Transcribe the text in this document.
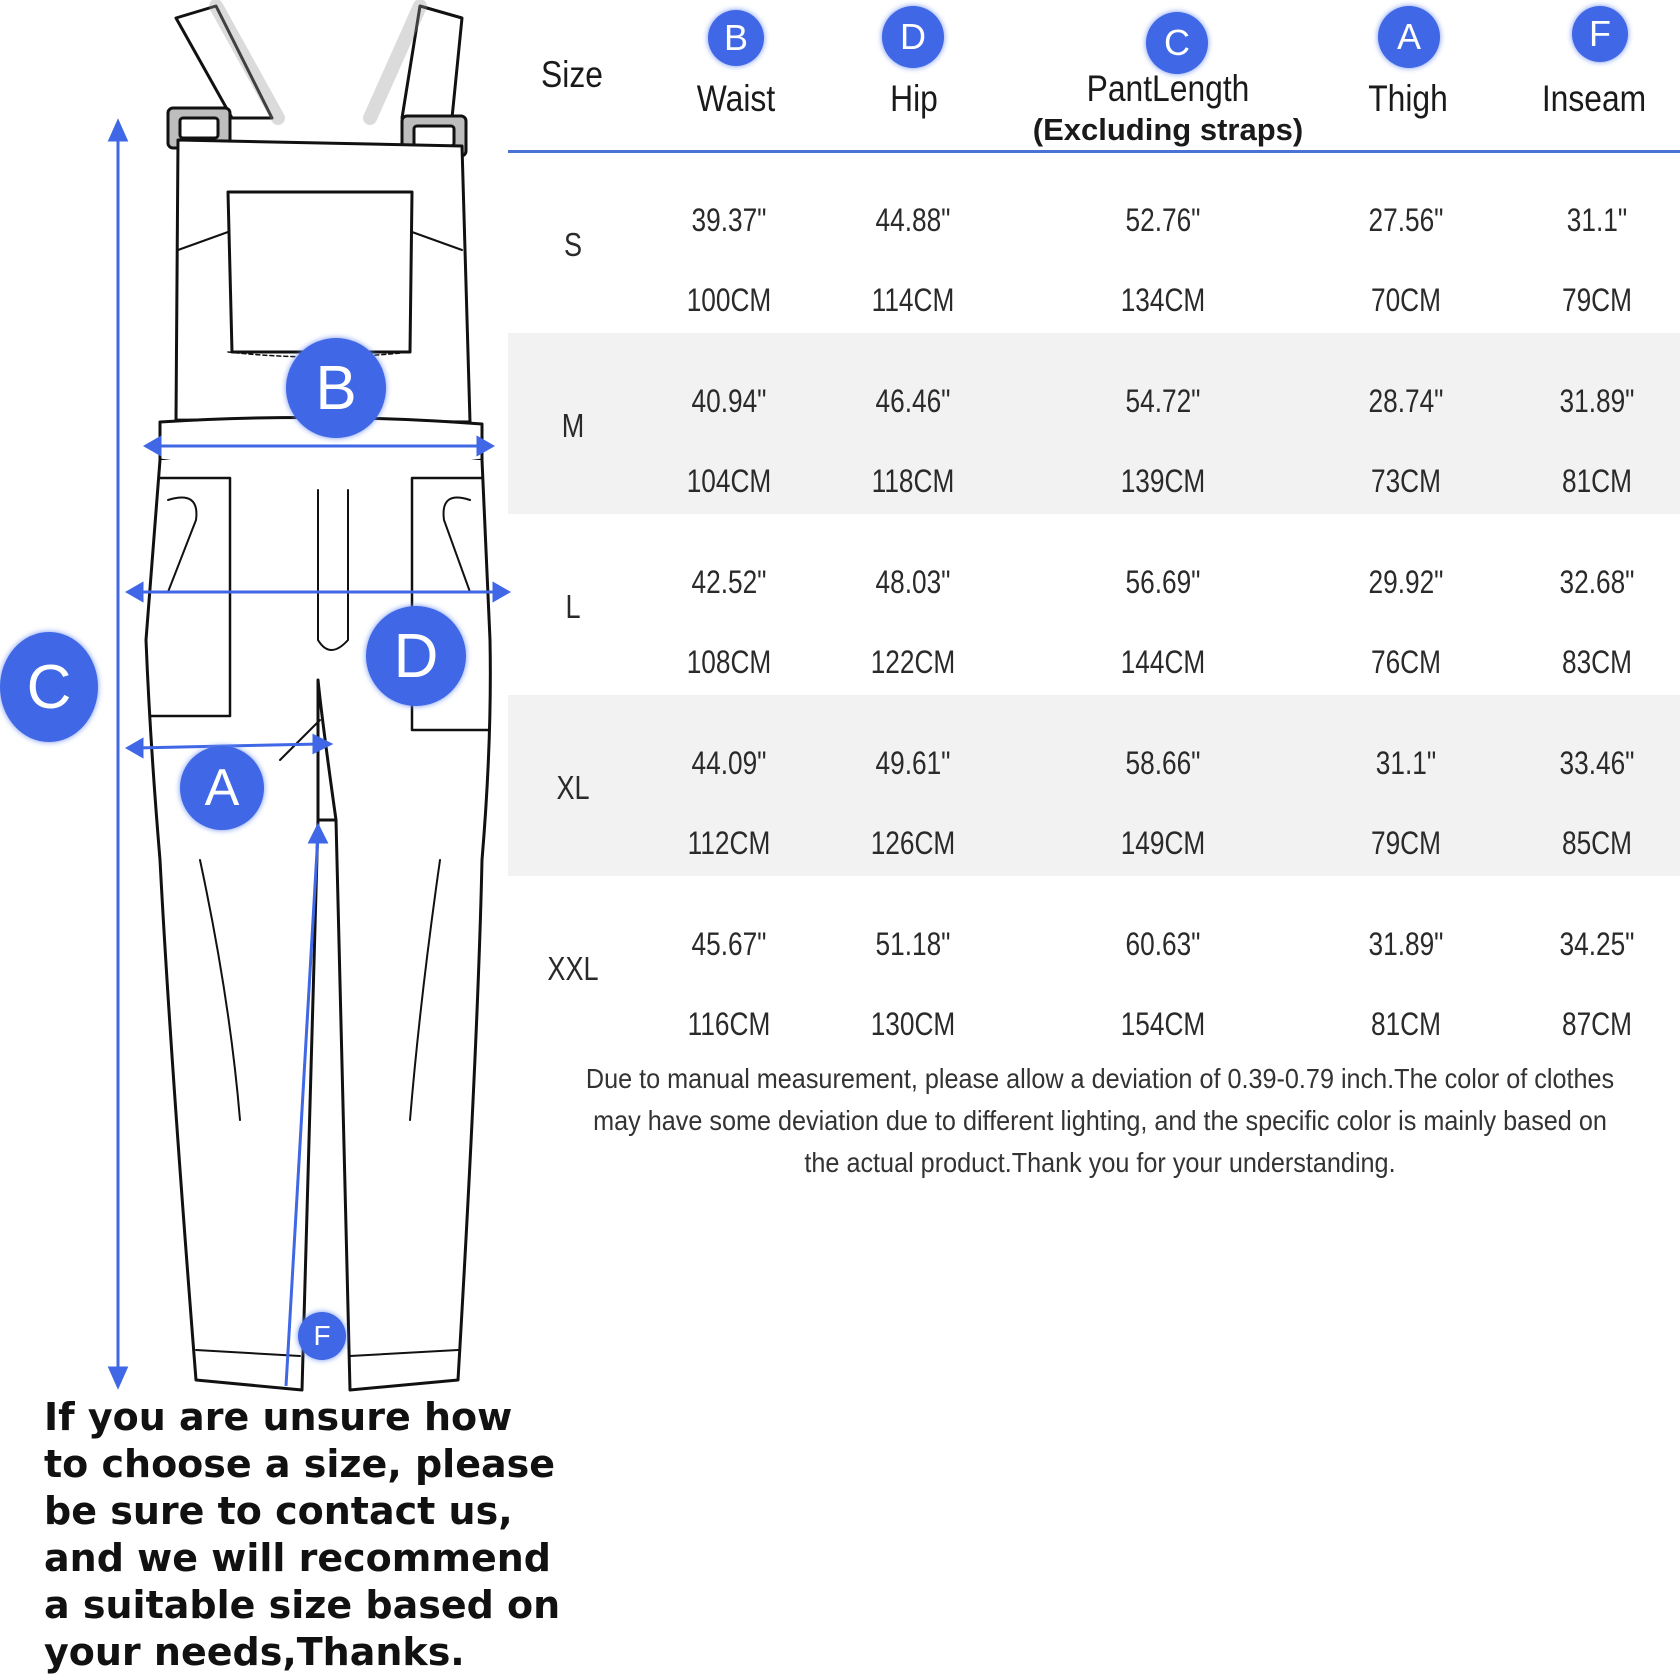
B
D
C
A
F
Size
B
Waist
D
Hip
C
PantLength
(Excluding straps)
A
Thigh
F
Inseam
S
39.37"
100CM
44.88"
114CM
52.76"
134CM
27.56"
70CM
31.1"
79CM
M
40.94"
104CM
46.46"
118CM
54.72"
139CM
28.74"
73CM
31.89"
81CM
L
42.52"
108CM
48.03"
122CM
56.69"
144CM
29.92"
76CM
32.68"
83CM
XL
44.09"
112CM
49.61"
126CM
58.66"
149CM
31.1"
79CM
33.46"
85CM
XXL
45.67"
116CM
51.18"
130CM
60.63"
154CM
31.89"
81CM
34.25"
87CM
Due to manual measurement, please allow a deviation of 0.39-0.79 inch.The color of clothes may have some deviation due to different lighting, and the specific color is mainly based on the actual product.Thank you for your understanding.
If you are unsure how to choose a size, please be sure to contact us, and we will recommend a suitable size based on your needs,Thanks.
